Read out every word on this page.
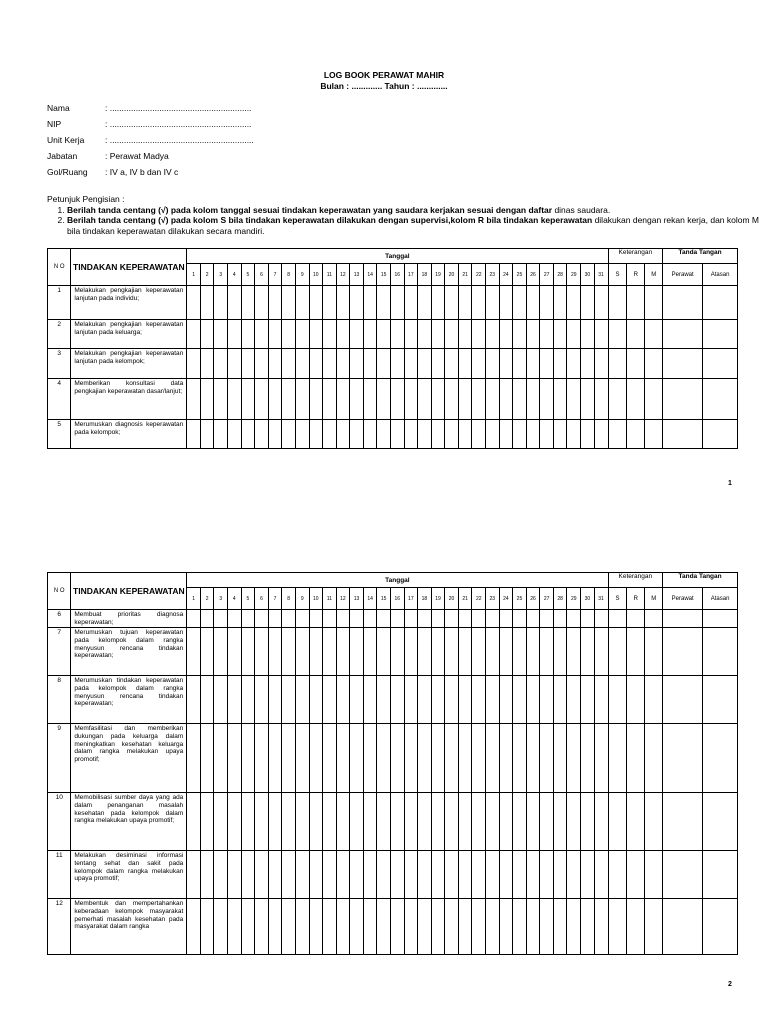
LOG BOOK PERAWAT MAHIR
Bulan : ............. Tahun : .............
Nama	: ............................................................
NIP	: ............................................................
Unit Kerja	: .............................................................
Jabatan	: Perawat Madya
Gol/Ruang	: IV a, IV b dan IV c
Petunjuk Pengisian :
1. Berilah tanda centang (√) pada kolom tanggal sesuai tindakan keperawatan yang saudara kerjakan sesuai dengan daftar dinas saudara.
2. Berilah tanda centang (√) pada kolom S bila tindakan keperawatan dilakukan dengan supervisi,kolom R bila tindakan keperawatan dilakukan dengan rekan kerja, dan kolom M bila tindakan keperawatan dilakukan secara mandiri.
N O	TINDAKAN KEPERAWATAN	Tanggal																															Keterangan			Tanda Tangan	
		1	2	3	4	5	6	7	8	9	10	11	12	13	14	15	16	17	18	19	20	21	22	23	24	25	26	27	28	29	30	31	S	R	M	Perawat	Atasan
1	Melakukan pengkajian keperawatan lanjutan pada individu;																																				
2	Melakukan pengkajian keperawatan lanjutan pada keluarga;																																				
3	Melakukan pengkajian keperawatan lanjutan pada kelompok;																																				
4	Memberikan konsultasi data pengkajian keperawatan dasar/lanjut;																																				
5	Merumuskan diagnosis keperawatan pada kelompok;																																				
1
N O	TINDAKAN KEPERAWATAN	Tanggal																															Keterangan			Tanda Tangan	
		1	2	3	4	5	6	7	8	9	10	11	12	13	14	15	16	17	18	19	20	21	22	23	24	25	26	27	28	29	30	31	S	R	M	Perawat	Atasan
6	Membuat prioritas diagnosa keperawatan;																																				
7	Merumuskan tujuan keperawatan pada kelompok dalam rangka menyusun rencana tindakan keperawatan;																																				
8	Merumuskan tindakan keperawatan pada kelompok dalam rangka menyusun rencana tindakan keperawatan;																																				
9	Memfasilitasi dan memberikan dukungan pada keluarga dalam meningkatkan kesehatan keluarga dalam rangka melakukan upaya promotif;																																				
10	Memobilisasi sumber daya yang ada dalam penanganan masalah kesehatan pada kelompok dalam rangka melakukan upaya promotif;																																				
11	Melakukan desiminasi informasi tentang sehat dan sakit pada kelompok dalam rangka melakukan upaya promotif;																																				
12	Membentuk dan mempertahankan keberadaan kelompok masyarakat pemerhati masalah kesehatan pada masyarakat dalam rangka																																				
2
